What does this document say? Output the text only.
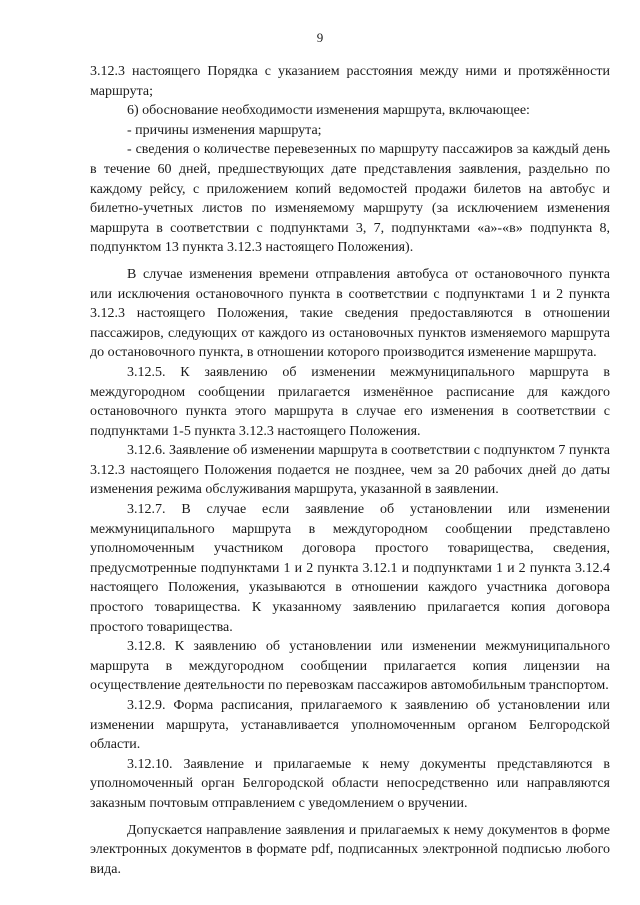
9

3.12.3 настоящего Порядка с указанием расстояния между ними и протяжённости маршрута;

6) обоснование необходимости изменения маршрута, включающее:

- причины изменения маршрута;

- сведения о количестве перевезенных по маршруту пассажиров за каждый день в течение 60 дней, предшествующих дате представления заявления, раздельно по каждому рейсу, с приложением копий ведомостей продажи билетов на автобус и билетно-учетных листов по изменяемому маршруту (за исключением изменения маршрута в соответствии с подпунктами 3, 7, подпунктами «а»-«в» подпункта 8, подпунктом 13 пункта 3.12.3 настоящего Положения).

В случае изменения времени отправления автобуса от остановочного пункта или исключения остановочного пункта в соответствии с подпунктами 1 и 2 пункта 3.12.3 настоящего Положения, такие сведения предоставляются в отношении пассажиров, следующих от каждого из остановочных пунктов изменяемого маршрута до остановочного пункта, в отношении которого производится изменение маршрута.

3.12.5. К заявлению об изменении межмуниципального маршрута в междугородном сообщении прилагается изменённое расписание для каждого остановочного пункта этого маршрута в случае его изменения в соответствии с подпунктами 1-5 пункта 3.12.3 настоящего Положения.

3.12.6. Заявление об изменении маршрута в соответствии с подпунктом 7 пункта 3.12.3 настоящего Положения подается не позднее, чем за 20 рабочих дней до даты изменения режима обслуживания маршрута, указанной в заявлении.

3.12.7. В случае если заявление об установлении или изменении межмуниципального маршрута в междугородном сообщении представлено уполномоченным участником договора простого товарищества, сведения, предусмотренные подпунктами 1 и 2 пункта 3.12.1 и подпунктами 1 и 2 пункта 3.12.4 настоящего Положения, указываются в отношении каждого участника договора простого товарищества. К указанному заявлению прилагается копия договора простого товарищества.

3.12.8. К заявлению об установлении или изменении межмуниципального маршрута в междугородном сообщении прилагается копия лицензии на осуществление деятельности по перевозкам пассажиров автомобильным транспортом.

3.12.9. Форма расписания, прилагаемого к заявлению об установлении или изменении маршрута, устанавливается уполномоченным органом Белгородской области.

3.12.10. Заявление и прилагаемые к нему документы представляются в уполномоченный орган Белгородской области непосредственно или направляются заказным почтовым отправлением с уведомлением о вручении.

Допускается направление заявления и прилагаемых к нему документов в форме электронных документов в формате pdf, подписанных электронной подписью любого вида.
